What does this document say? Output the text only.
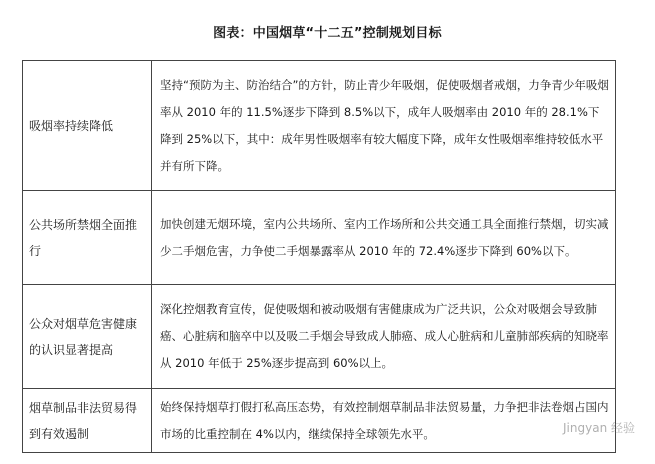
图表：中国烟草“十二五”控制规划目标
吸烟率持续降低	坚持“预防为主、防治结合”的方针，防止青少年吸烟，促使吸烟者戒烟，力争青少年吸烟率从 2010 年的 11.5%逐步下降到 8.5%以下，成年人吸烟率由 2010 年的 28.1%下降到 25%以下，其中：成年男性吸烟率有较大幅度下降，成年女性吸烟率维持较低水平并有所下降。
公共场所禁烟全面推行	加快创建无烟环境，室内公共场所、室内工作场所和公共交通工具全面推行禁烟，切实减少二手烟危害，力争使二手烟暴露率从 2010 年的 72.4%逐步下降到 60%以下。
公众对烟草危害健康的认识显著提高	深化控烟教育宣传，促使吸烟和被动吸烟有害健康成为广泛共识，公众对吸烟会导致肺癌、心脏病和脑卒中以及吸二手烟会导致成人肺癌、成人心脏病和儿童肺部疾病的知晓率从 2010 年低于 25%逐步提高到 60%以上。
烟草制品非法贸易得到有效遏制	始终保持烟草打假打私高压态势，有效控制烟草制品非法贸易量，力争把非法卷烟占国内市场的比重控制在 4%以内，继续保持全球领先水平。	Jingyan 经验
